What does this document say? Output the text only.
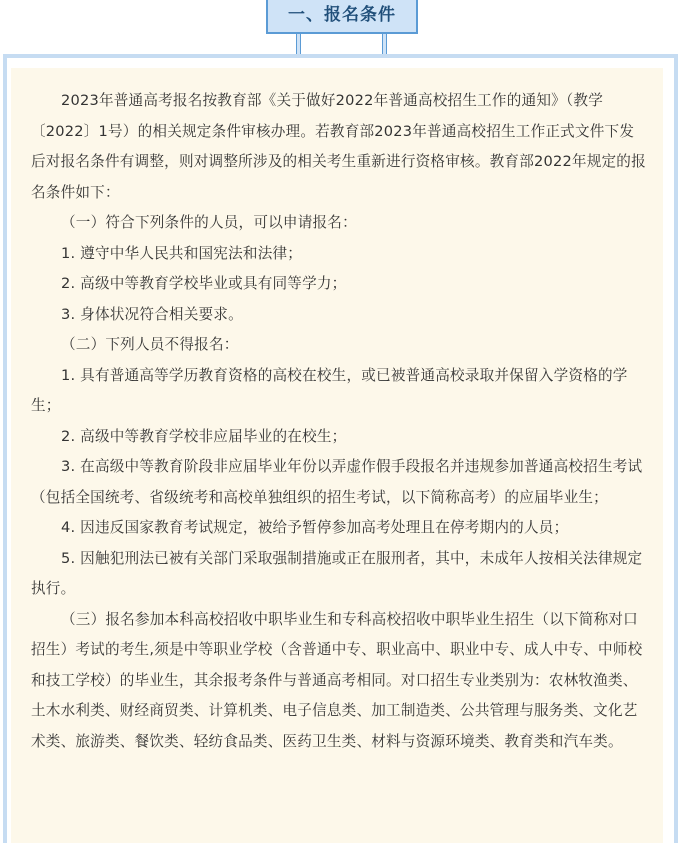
一、报名条件

2023年普通高考报名按教育部《关于做好2022年普通高校招生工作的通知》（教学〔2022〕1号）的相关规定条件审核办理。若教育部2023年普通高校招生工作正式文件下发后对报名条件有调整，则对调整所涉及的相关考生重新进行资格审核。教育部2022年规定的报名条件如下：

（一）符合下列条件的人员，可以申请报名：

1. 遵守中华人民共和国宪法和法律；

2. 高级中等教育学校毕业或具有同等学力；

3. 身体状况符合相关要求。

（二）下列人员不得报名：

1. 具有普通高等学历教育资格的高校在校生，或已被普通高校录取并保留入学资格的学生；

2. 高级中等教育学校非应届毕业的在校生；

3. 在高级中等教育阶段非应届毕业年份以弄虚作假手段报名并违规参加普通高校招生考试（包括全国统考、省级统考和高校单独组织的招生考试，以下简称高考）的应届毕业生；

4. 因违反国家教育考试规定，被给予暂停参加高考处理且在停考期内的人员；

5. 因触犯刑法已被有关部门采取强制措施或正在服刑者，其中，未成年人按相关法律规定执行。

（三）报名参加本科高校招收中职毕业生和专科高校招收中职毕业生招生（以下简称对口招生）考试的考生,须是中等职业学校（含普通中专、职业高中、职业中专、成人中专、中师校和技工学校）的毕业生，其余报考条件与普通高考相同。对口招生专业类别为：农林牧渔类、土木水利类、财经商贸类、计算机类、电子信息类、加工制造类、公共管理与服务类、文化艺术类、旅游类、餐饮类、轻纺食品类、医药卫生类、材料与资源环境类、教育类和汽车类。
